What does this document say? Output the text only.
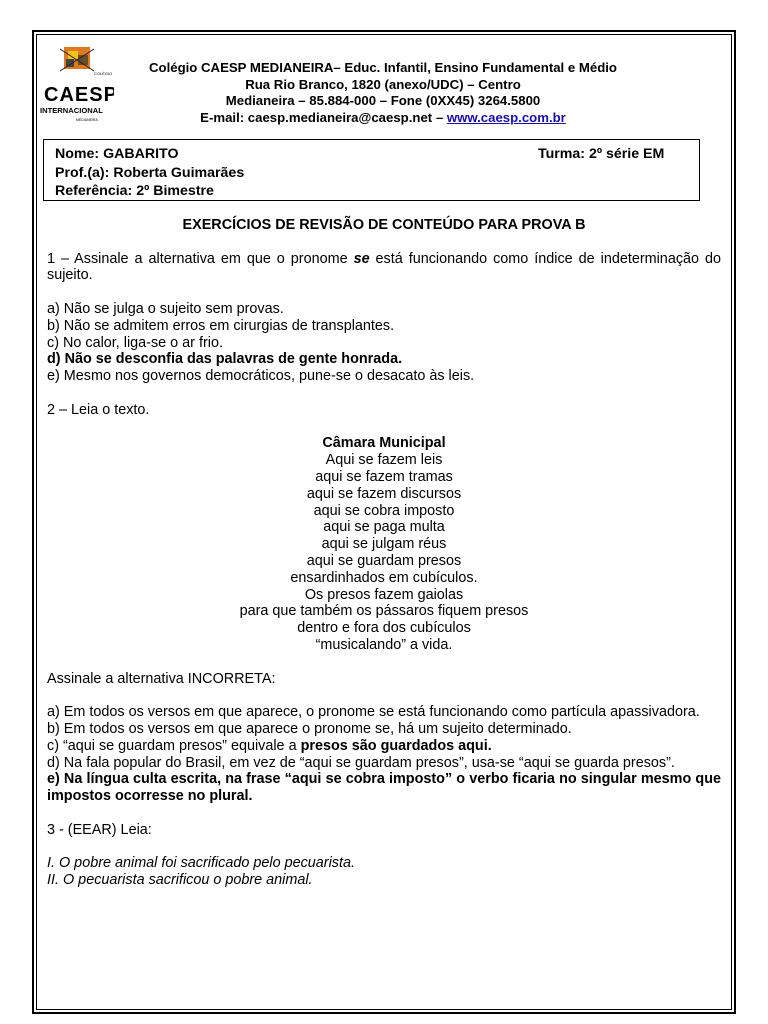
COLÉGIO
CAESP
INTERNACIONAL
MEDIANEIRA
Colégio CAESP MEDIANEIRA– Educ. Infantil, Ensino Fundamental e Médio
Rua Rio Branco, 1820 (anexo/UDC) – Centro
Medianeira – 85.884-000 – Fone (0XX45) 3264.5800
E-mail: caesp.medianeira@caesp.net – www.caesp.com.br
Nome: GABARITO
Prof.(a): Roberta Guimarães
Referência: 2º Bimestre
Turma: 2º série EM

EXERCÍCIOS DE REVISÃO DE CONTEÚDO PARA PROVA B

1 – Assinale a alternativa em que o pronome se está funcionando como índice de indeterminação do sujeito.

a) Não se julga o sujeito sem provas.

b) Não se admitem erros em cirurgias de transplantes.

c) No calor, liga-se o ar frio.

d) Não se desconfia das palavras de gente honrada.

e) Mesmo nos governos democráticos, pune-se o desacato às leis.

2 – Leia o texto.

Câmara Municipal

Aqui se fazem leis

aqui se fazem tramas

aqui se fazem discursos

aqui se cobra imposto

aqui se paga multa

aqui se julgam réus

aqui se guardam presos

ensardinhados em cubículos.

Os presos fazem gaiolas

para que também os pássaros fiquem presos

dentro e fora dos cubículos

“musicalando” a vida.

Assinale a alternativa INCORRETA:

a) Em todos os versos em que aparece, o pronome se está funcionando como partícula apassivadora.

b) Em todos os versos em que aparece o pronome se, há um sujeito determinado.

c) “aqui se guardam presos” equivale a presos são guardados aqui.

d) Na fala popular do Brasil, em vez de “aqui se guardam presos”, usa-se “aqui se guarda presos”.

e) Na língua culta escrita, na frase “aqui se cobra imposto” o verbo ficaria no singular mesmo que impostos ocorresse no plural.

3 - (EEAR) Leia:

I. O pobre animal foi sacrificado pelo pecuarista.

II. O pecuarista sacrificou o pobre animal.
